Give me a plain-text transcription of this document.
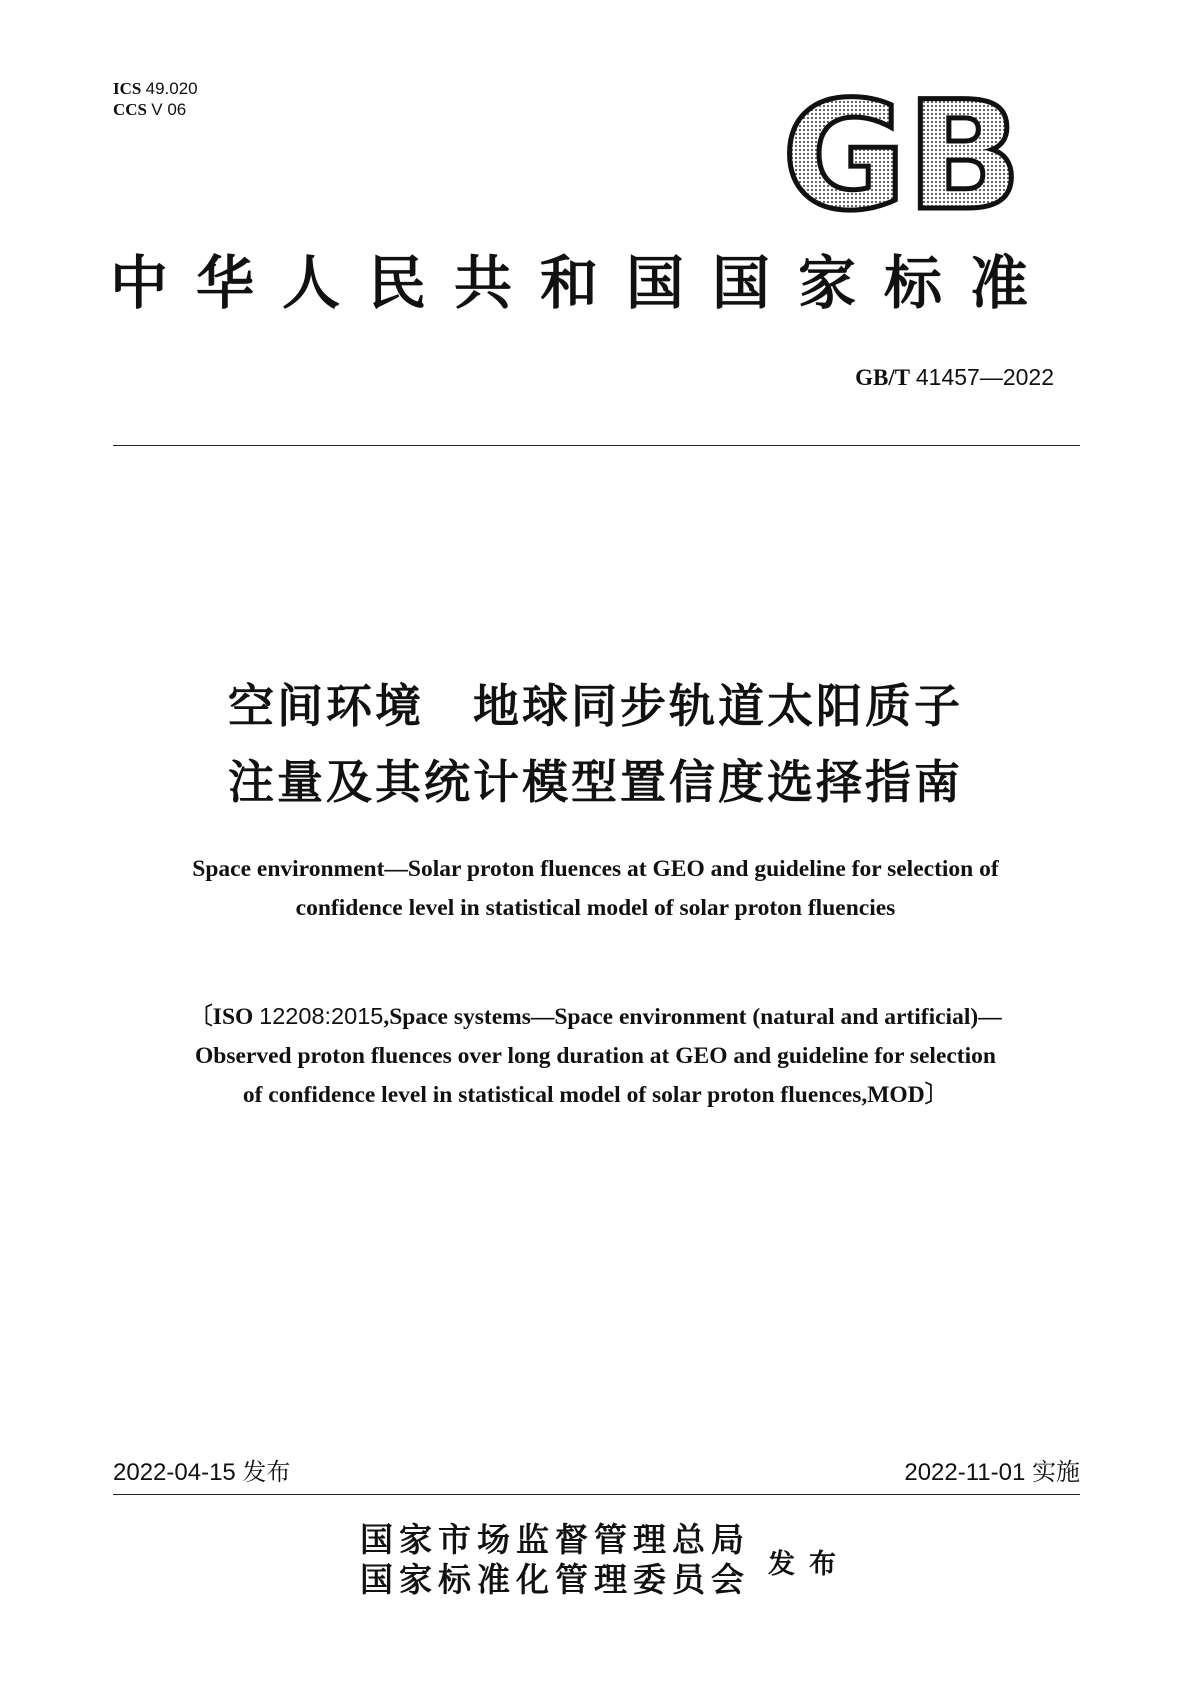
ICS 49.020
CCS V 06	GB
中华人民共和国国家标准
GB/T 41457—2022
空间环境　地球同步轨道太阳质子
注量及其统计模型置信度选择指南
Space environment—Solar proton fluences at GEO and guideline for selection of
confidence level in statistical model of solar proton fluencies
〔ISO 12208:2015,Space systems—Space environment (natural and artificial)—
Observed proton fluences over long duration at GEO and guideline for selection
of confidence level in statistical model of solar proton fluences,MOD〕
2022-04-15 发布	2022-11-01 实施
国家市场监督管理总局
国家标准化管理委员会 发布
